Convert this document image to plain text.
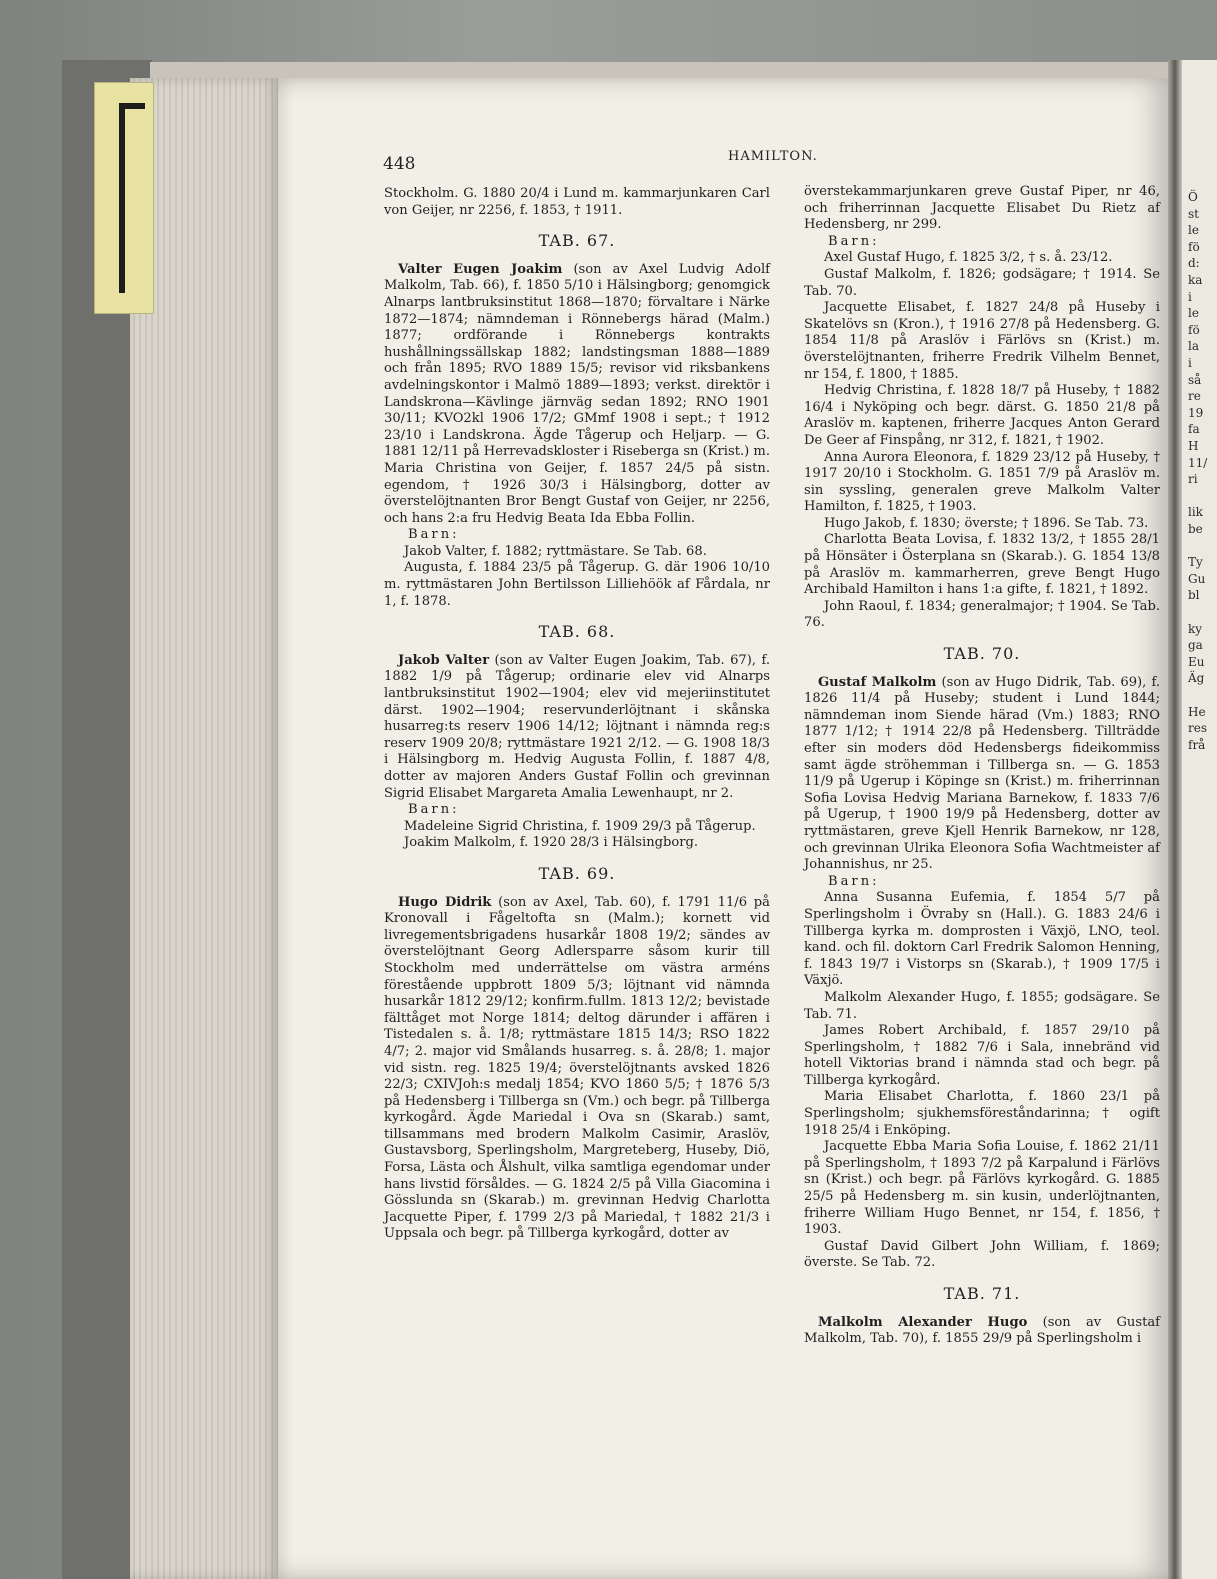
448	HAMILTON.

Stockholm. G. 1880 20/4 i Lund m. kammarjunkaren Carl von Geijer, nr 2256, f. 1853, † 1911.

TAB. 67.

Valter Eugen Joakim (son av Axel Ludvig Adolf Malkolm, Tab. 66), f. 1850 5/10 i Hälsingborg; genomgick Alnarps lantbruksinstitut 1868—1870; förvaltare i Närke 1872—1874; nämndeman i Rönnebergs härad (Malm.) 1877; ordförande i Rönnebergs kontrakts hushållningssällskap 1882; landstingsman 1888—1889 och från 1895; RVO 1889 15/5; revisor vid riksbankens avdelningskontor i Malmö 1889—1893; verkst. direktör i Landskrona—Kävlinge järnväg sedan 1892; RNO 1901 30/11; KVO2kl 1906 17/2; GMmf 1908 i sept.; † 1912 23/10 i Landskrona. Ägde Tågerup och Heljarp. — G. 1881 12/11 på Herrevadskloster i Riseberga sn (Krist.) m. Maria Christina von Geijer, f. 1857 24/5 på sistn. egendom, † 1926 30/3 i Hälsingborg, dotter av överstelöjtnanten Bror Bengt Gustaf von Geijer, nr 2256, och hans 2:a fru Hedvig Beata Ida Ebba Follin.

Barn:

Jakob Valter, f. 1882; ryttmästare. Se Tab. 68.

Augusta, f. 1884 23/5 på Tågerup. G. där 1906 10/10 m. ryttmästaren John Bertilsson Lilliehöök af Fårdala, nr 1, f. 1878.

TAB. 68.

Jakob Valter (son av Valter Eugen Joakim, Tab. 67), f. 1882 1/9 på Tågerup; ordinarie elev vid Alnarps lantbruksinstitut 1902—1904; elev vid mejeriinstitutet därst. 1902—1904; reservunderlöjtnant i skånska husarreg:ts reserv 1906 14/12; löjtnant i nämnda reg:s reserv 1909 20/8; ryttmästare 1921 2/12. — G. 1908 18/3 i Hälsingborg m. Hedvig Augusta Follin, f. 1887 4/8, dotter av majoren Anders Gustaf Follin och grevinnan Sigrid Elisabet Margareta Amalia Lewenhaupt, nr 2.

Barn:

Madeleine Sigrid Christina, f. 1909 29/3 på Tågerup.

Joakim Malkolm, f. 1920 28/3 i Hälsingborg.

TAB. 69.

Hugo Didrik (son av Axel, Tab. 60), f. 1791 11/6 på Kronovall i Fågeltofta sn (Malm.); kornett vid livregementsbrigadens husarkår 1808 19/2; sändes av överstelöjtnant Georg Adlersparre såsom kurir till Stockholm med underrättelse om västra arméns förestående uppbrott 1809 5/3; löjtnant vid nämnda husarkår 1812 29/12; konfirm.fullm. 1813 12/2; bevistade fälttåget mot Norge 1814; deltog därunder i affären i Tistedalen s. å. 1/8; ryttmästare 1815 14/3; RSO 1822 4/7; 2. major vid Smålands husarreg. s. å. 28/8; 1. major vid sistn. reg. 1825 19/4; överstelöjtnants avsked 1826 22/3; CXIVJoh:s medalj 1854; KVO 1860 5/5; † 1876 5/3 på Hedensberg i Tillberga sn (Vm.) och begr. på Tillberga kyrkogård. Ägde Mariedal i Ova sn (Skarab.) samt, tillsammans med brodern Malkolm Casimir, Araslöv, Gustavsborg, Sperlingsholm, Margreteberg, Huseby, Diö, Forsa, Lästa och Ålshult, vilka samtliga egendomar under hans livstid försåldes. — G. 1824 2/5 på Villa Giacomina i Gösslunda sn (Skarab.) m. grevinnan Hedvig Charlotta Jacquette Piper, f. 1799 2/3 på Mariedal, † 1882 21/3 i Uppsala och begr. på Tillberga kyrkogård, dotter av

överstekammarjunkaren greve Gustaf Piper, nr 46, och friherrinnan Jacquette Elisabet Du Rietz af Hedensberg, nr 299.

Barn:

Axel Gustaf Hugo, f. 1825 3/2, † s. å. 23/12.

Gustaf Malkolm, f. 1826; godsägare; † 1914. Se Tab. 70.

Jacquette Elisabet, f. 1827 24/8 på Huseby i Skatelövs sn (Kron.), † 1916 27/8 på Hedensberg. G. 1854 11/8 på Araslöv i Färlövs sn (Krist.) m. överstelöjtnanten, friherre Fredrik Vilhelm Bennet, nr 154, f. 1800, † 1885.

Hedvig Christina, f. 1828 18/7 på Huseby, † 1882 16/4 i Nyköping och begr. därst. G. 1850 21/8 på Araslöv m. kaptenen, friherre Jacques Anton Gerard De Geer af Finspång, nr 312, f. 1821, † 1902.

Anna Aurora Eleonora, f. 1829 23/12 på Huseby, † 1917 20/10 i Stockholm. G. 1851 7/9 på Araslöv m. sin syssling, generalen greve Malkolm Valter Hamilton, f. 1825, † 1903.

Hugo Jakob, f. 1830; överste; † 1896. Se Tab. 73.

Charlotta Beata Lovisa, f. 1832 13/2, † 1855 28/1 på Hönsäter i Österplana sn (Skarab.). G. 1854 13/8 på Araslöv m. kammarherren, greve Bengt Hugo Archibald Hamilton i hans 1:a gifte, f. 1821, † 1892.

John Raoul, f. 1834; generalmajor; † 1904. Se Tab. 76.

TAB. 70.

Gustaf Malkolm (son av Hugo Didrik, Tab. 69), f. 1826 11/4 på Huseby; student i Lund 1844; nämndeman inom Siende härad (Vm.) 1883; RNO 1877 1/12; † 1914 22/8 på Hedensberg. Tillträdde efter sin moders död Hedensbergs fideikommiss samt ägde ströhemman i Tillberga sn. — G. 1853 11/9 på Ugerup i Köpinge sn (Krist.) m. friherrinnan Sofia Lovisa Hedvig Mariana Barnekow, f. 1833 7/6 på Ugerup, † 1900 19/9 på Hedensberg, dotter av ryttmästaren, greve Kjell Henrik Barnekow, nr 128, och grevinnan Ulrika Eleonora Sofia Wachtmeister af Johannishus, nr 25.

Barn:

Anna Susanna Eufemia, f. 1854 5/7 på Sperlingsholm i Övraby sn (Hall.). G. 1883 24/6 i Tillberga kyrka m. domprosten i Växjö, LNO, teol. kand. och fil. doktorn Carl Fredrik Salomon Henning, f. 1843 19/7 i Vistorps sn (Skarab.), † 1909 17/5 i Växjö.

Malkolm Alexander Hugo, f. 1855; godsägare. Se Tab. 71.

James Robert Archibald, f. 1857 29/10 på Sperlingsholm, † 1882 7/6 i Sala, innebränd vid hotell Viktorias brand i nämnda stad och begr. på Tillberga kyrkogård.

Maria Elisabet Charlotta, f. 1860 23/1 på Sperlingsholm; sjukhemsföreståndarinna; † ogift 1918 25/4 i Enköping.

Jacquette Ebba Maria Sofia Louise, f. 1862 21/11 på Sperlingsholm, † 1893 7/2 på Karpalund i Färlövs sn (Krist.) och begr. på Färlövs kyrkogård. G. 1885 25/5 på Hedensberg m. sin kusin, underlöjtnanten, friherre William Hugo Bennet, nr 154, f. 1856, † 1903.

Gustaf David Gilbert John William, f. 1869; överste. Se Tab. 72.

TAB. 71.

Malkolm Alexander Hugo (son av Gustaf Malkolm, Tab. 70), f. 1855 29/9 på Sperlingsholm i

Ö
st
le
fö
d:
ka
i
le
fö
la
i
så
re
19
fa
H
11/
ri
lik
be
Ty
Gu
bl
ky
ga
Eu
Äg
He
res
frå
